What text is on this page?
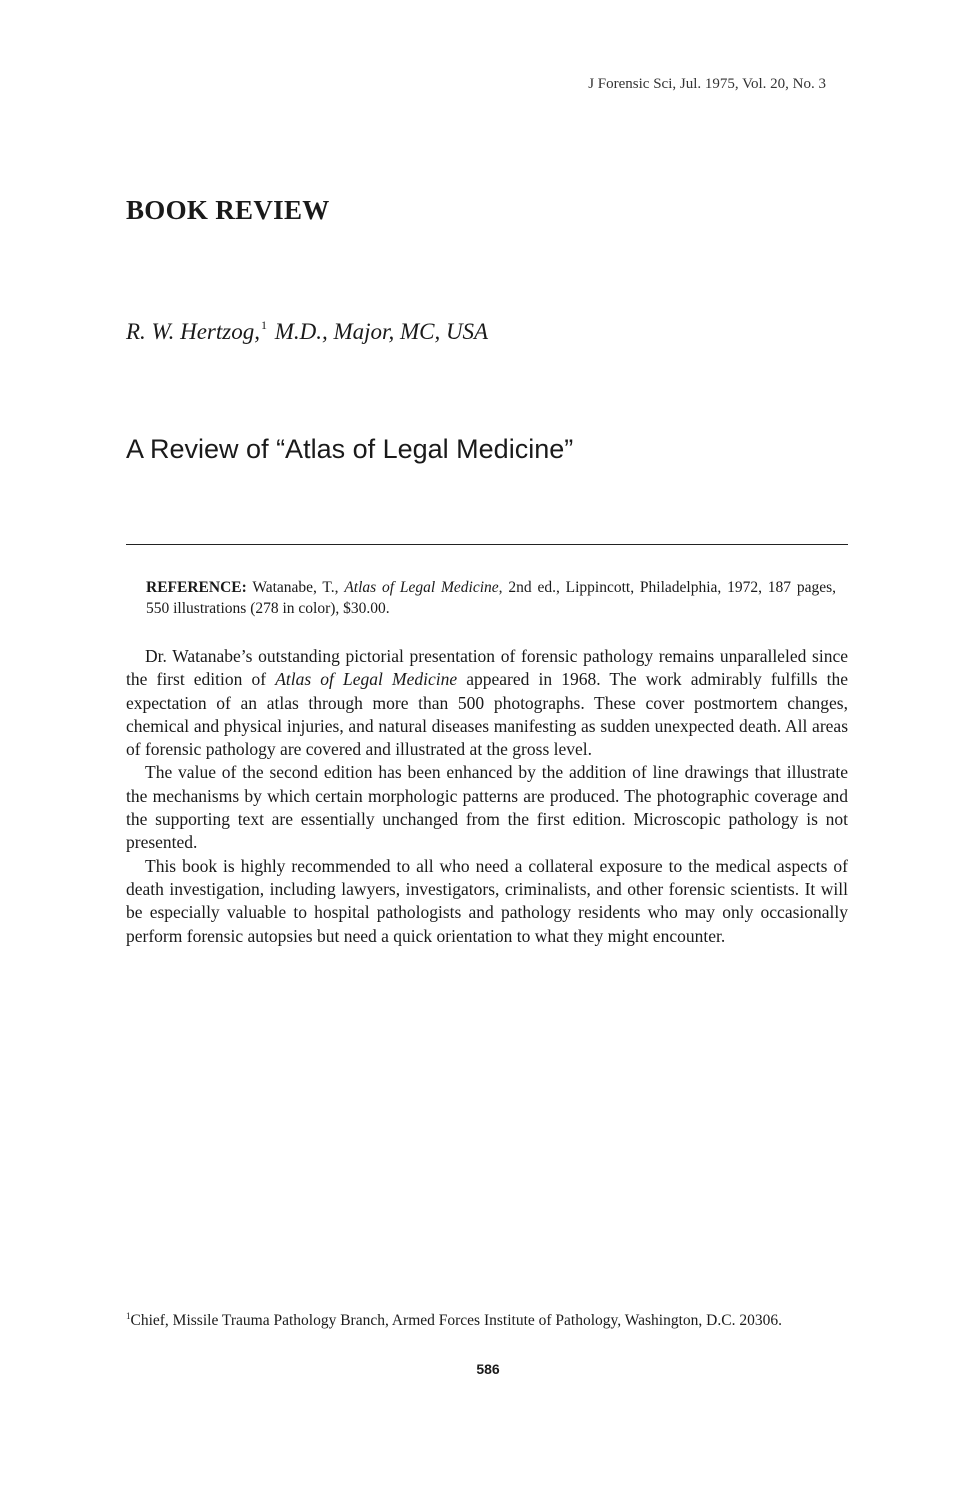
J Forensic Sci, Jul. 1975, Vol. 20, No. 3
BOOK REVIEW
R. W. Hertzog,$^1$ M.D., Major, MC, USA
A Review of “Atlas of Legal Medicine”
REFERENCE: Watanabe, T., Atlas of Legal Medicine, 2nd ed., Lippincott, Philadelphia, 1972, 187 pages, 550 illustrations (278 in color), $30.00.

Dr. Watanabe’s outstanding pictorial presentation of forensic pathology remains unparalleled since the first edition of Atlas of Legal Medicine appeared in 1968. The work admirably fulfills the expectation of an atlas through more than 500 photographs. These cover postmortem changes, chemical and physical injuries, and natural diseases manifesting as sudden unexpected death. All areas of forensic pathology are covered and illustrated at the gross level.

The value of the second edition has been enhanced by the addition of line drawings that illustrate the mechanisms by which certain morphologic patterns are produced. The photographic coverage and the supporting text are essentially unchanged from the first edition. Microscopic pathology is not presented.

This book is highly recommended to all who need a collateral exposure to the medical aspects of death investigation, including lawyers, investigators, criminalists, and other forensic scientists. It will be especially valuable to hospital pathologists and pathology residents who may only occasionally perform forensic autopsies but need a quick orientation to what they might encounter.

$^1$Chief, Missile Trauma Pathology Branch, Armed Forces Institute of Pathology, Washington, D.C. 20306.
586
